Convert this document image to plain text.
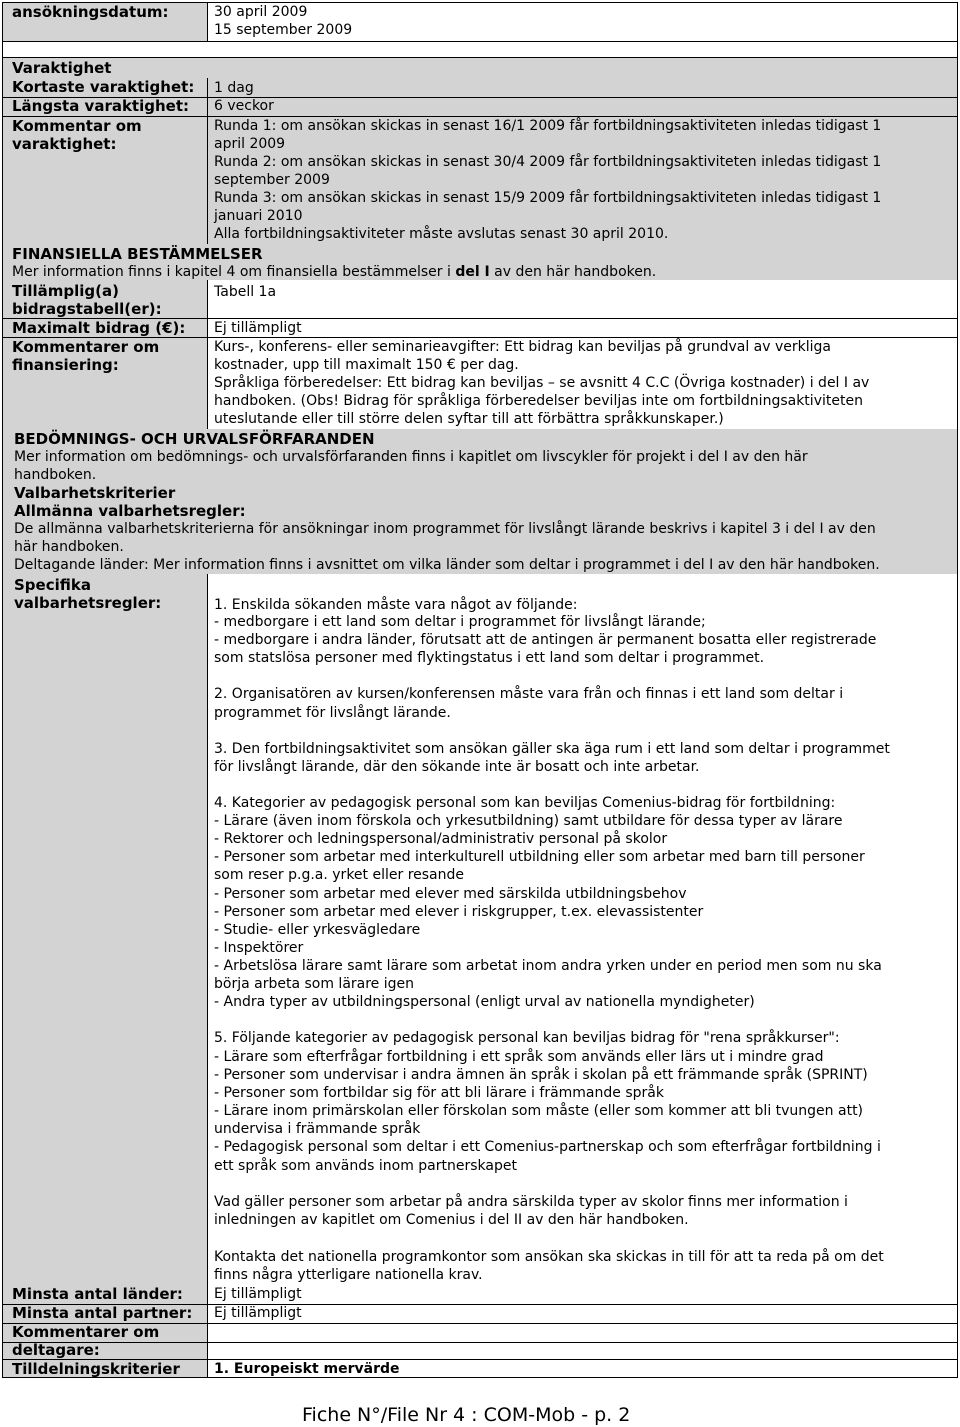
ansökningsdatum:	30 april 2009
15 september 2009
Varaktighet
Kortaste varaktighet: 1 dag
Längsta varaktighet: 6 veckor
Kommentar om
varaktighet:
Runda 1: om ansökan skickas in senast 16/1 2009 får fortbildningsaktiviteten inledas tidigast 1
april 2009
Runda 2: om ansökan skickas in senast 30/4 2009 får fortbildningsaktiviteten inledas tidigast 1
september 2009
Runda 3: om ansökan skickas in senast 15/9 2009 får fortbildningsaktiviteten inledas tidigast 1
januari 2010
Alla fortbildningsaktiviteter måste avslutas senast 30 april 2010.
FINANSIELLA BESTÄMMELSER
Mer information finns i kapitel 4 om finansiella bestämmelser i del I av den här handboken.
Tillämplig(a)
bidragstabell(er):
Tabell 1a
Maximalt bidrag (€): Ej tillämpligt
Kommentarer om
finansiering:
Kurs-, konferens- eller seminarieavgifter: Ett bidrag kan beviljas på grundval av verkliga
kostnader, upp till maximalt 150 € per dag.
Språkliga förberedelser: Ett bidrag kan beviljas – se avsnitt 4 C.C (Övriga kostnader) i del I av
handboken. (Obs! Bidrag för språkliga förberedelser beviljas inte om fortbildningsaktiviteten
uteslutande eller till större delen syftar till att förbättra språkkunskaper.)
BEDÖMNINGS- OCH URVALSFÖRFARANDEN
Mer information om bedömnings- och urvalsförfaranden finns i kapitlet om livscykler för projekt i del I av den här
handboken.
Valbarhetskriterier
Allmänna valbarhetsregler:
De allmänna valbarhetskriterierna för ansökningar inom programmet för livslångt lärande beskrivs i kapitel 3 i del I av den
här handboken.
Deltagande länder: Mer information finns i avsnittet om vilka länder som deltar i programmet i del I av den här handboken.
Specifika
valbarhetsregler:	1. Enskilda sökanden måste vara något av följande:
- medborgare i ett land som deltar i programmet för livslångt lärande;
- medborgare i andra länder, förutsatt att de antingen är permanent bosatta eller registrerade
som statslösa personer med flyktingstatus i ett land som deltar i programmet.
2. Organisatören av kursen/konferensen måste vara från och finnas i ett land som deltar i
programmet för livslångt lärande.
3. Den fortbildningsaktivitet som ansökan gäller ska äga rum i ett land som deltar i programmet
för livslångt lärande, där den sökande inte är bosatt och inte arbetar.
4. Kategorier av pedagogisk personal som kan beviljas Comenius-bidrag för fortbildning:
- Lärare (även inom förskola och yrkesutbildning) samt utbildare för dessa typer av lärare
- Rektorer och ledningspersonal/administrativ personal på skolor
- Personer som arbetar med interkulturell utbildning eller som arbetar med barn till personer
som reser p.g.a. yrket eller resande
- Personer som arbetar med elever med särskilda utbildningsbehov
- Personer som arbetar med elever i riskgrupper, t.ex. elevassistenter
- Studie- eller yrkesvägledare
- Inspektörer
- Arbetslösa lärare samt lärare som arbetat inom andra yrken under en period men som nu ska
börja arbeta som lärare igen
- Andra typer av utbildningspersonal (enligt urval av nationella myndigheter)
5. Följande kategorier av pedagogisk personal kan beviljas bidrag för "rena språkkurser":
- Lärare som efterfrågar fortbildning i ett språk som används eller lärs ut i mindre grad
- Personer som undervisar i andra ämnen än språk i skolan på ett främmande språk (SPRINT)
- Personer som fortbildar sig för att bli lärare i främmande språk
- Lärare inom primärskolan eller förskolan som måste (eller som kommer att bli tvungen att)
undervisa i främmande språk
- Pedagogisk personal som deltar i ett Comenius-partnerskap och som efterfrågar fortbildning i
ett språk som används inom partnerskapet
Vad gäller personer som arbetar på andra särskilda typer av skolor finns mer information i
inledningen av kapitlet om Comenius i del II av den här handboken.
Kontakta det nationella programkontor som ansökan ska skickas in till för att ta reda på om det
finns några ytterligare nationella krav.
Minsta antal länder: Ej tillämpligt
Minsta antal partner: Ej tillämpligt
Kommentarer om
deltagare:
Tilldelningskriterier 1. Europeiskt mervärde
Fiche N°/File Nr 4 : COM-Mob - p. 2
